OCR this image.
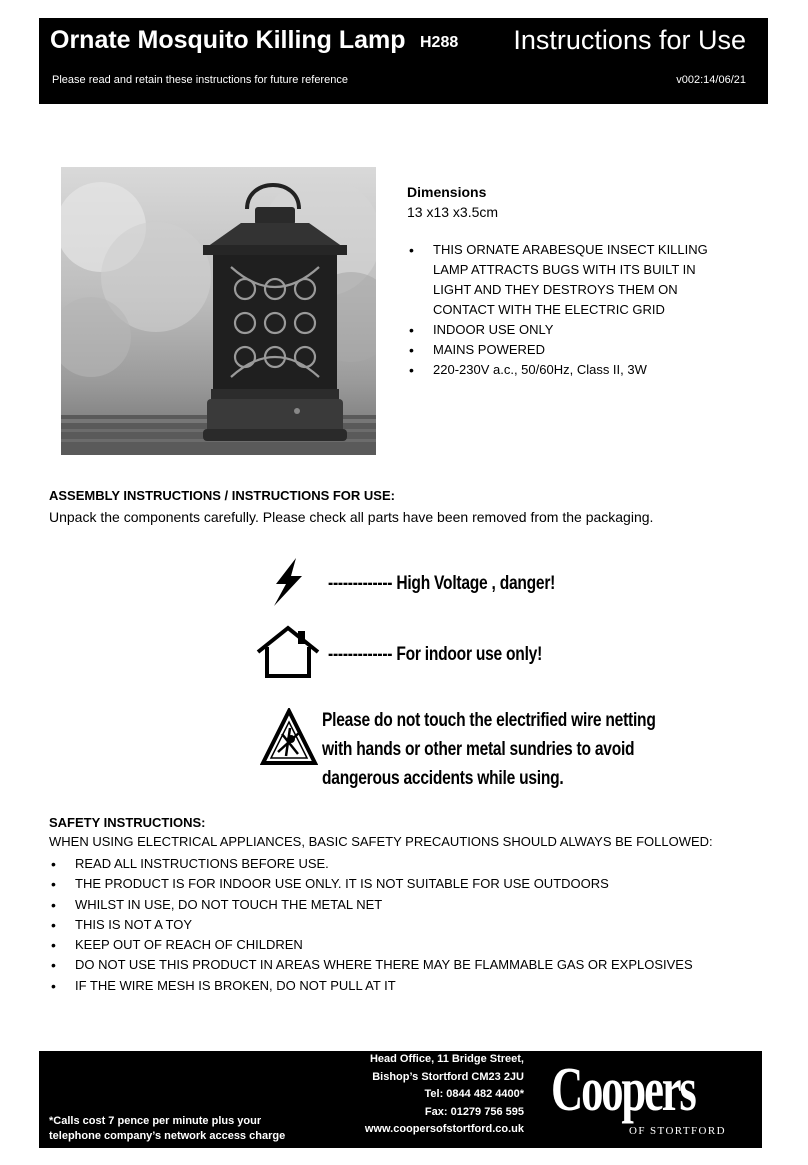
Ornate Mosquito Killing Lamp H288 Instructions for Use
Please read and retain these instructions for future reference	v002:14/06/21
Dimensions
13 x13 x3.5cm
• THIS ORNATE ARABESQUE INSECT KILLING LAMP ATTRACTS BUGS WITH ITS BUILT IN LIGHT AND THEY DESTROYS THEM ON CONTACT WITH THE ELECTRIC GRID
• INDOOR USE ONLY
• MAINS POWERED
• 220-230V a.c., 50/60Hz, Class II, 3W
ASSEMBLY INSTRUCTIONS / INSTRUCTIONS FOR USE:
Unpack the components carefully. Please check all parts have been removed from the packaging.
------------- High Voltage , danger!
------------- For indoor use only!
Please do not touch the electrified wire netting
with hands or other metal sundries to avoid
dangerous accidents while using.
SAFETY INSTRUCTIONS:
WHEN USING ELECTRICAL APPLIANCES, BASIC SAFETY PRECAUTIONS SHOULD ALWAYS BE FOLLOWED:
• READ ALL INSTRUCTIONS BEFORE USE.
• THE PRODUCT IS FOR INDOOR USE ONLY. IT IS NOT SUITABLE FOR USE OUTDOORS
• WHILST IN USE, DO NOT TOUCH THE METAL NET
• THIS IS NOT A TOY
• KEEP OUT OF REACH OF CHILDREN
• DO NOT USE THIS PRODUCT IN AREAS WHERE THERE MAY BE FLAMMABLE GAS OR EXPLOSIVES
• IF THE WIRE MESH IS BROKEN, DO NOT PULL AT IT
Head Office, 11 Bridge Street,
Bishop’s Stortford CM23 2JU
Tel: 0844 482 4400*
Fax: 01279 756 595
www.coopersofstortford.co.uk
*Calls cost 7 pence per minute plus your
telephone company’s network access charge
Coopers
OF STORTFORD
